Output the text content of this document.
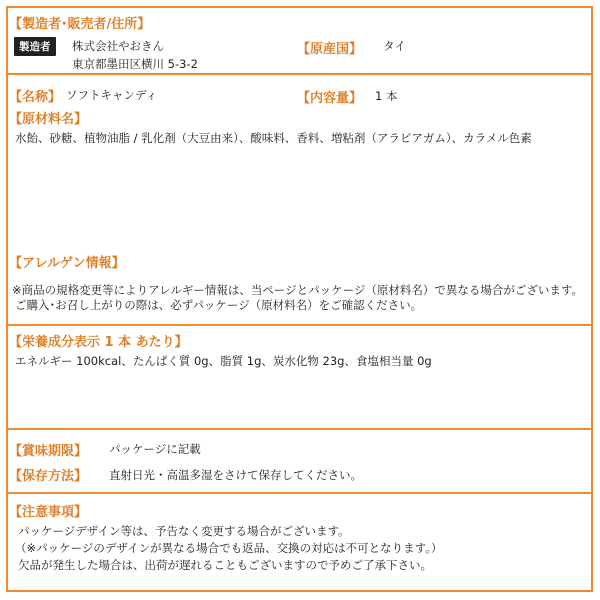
【製造者･販売者/住所】
製造者	株式会社やおきん
東京都墨田区横川 5-3-2
【原産国】 タイ
【名称】 ソフトキャンディ	【内容量】 1 本
【原材料名】
水飴、砂糖、植物油脂 / 乳化剤（大豆由来）、酸味料、香料、増粘剤（アラビアガム）、カラメル色素
【アレルゲン情報】
※商品の規格変更等によりアレルギー情報は、当ページとパッケージ（原材料名）で異なる場合がございます。
ご購入･お召し上がりの際は、必ずパッケージ（原材料名）をご確認ください。
【栄養成分表示 1 本 あたり】
エネルギー 100kcal、たんぱく質 0g、脂質 1g、炭水化物 23g、食塩相当量 0g
【賞味期限】 パッケージに記載
【保存方法】 直射日光・高温多湿をさけて保存してください。
【注意事項】
パッケージデザイン等は、予告なく変更する場合がございます。
（※パッケージのデザインが異なる場合でも返品、交換の対応は不可となります。）
欠品が発生した場合は、出荷が遅れることもございますので予めご了承下さい。
